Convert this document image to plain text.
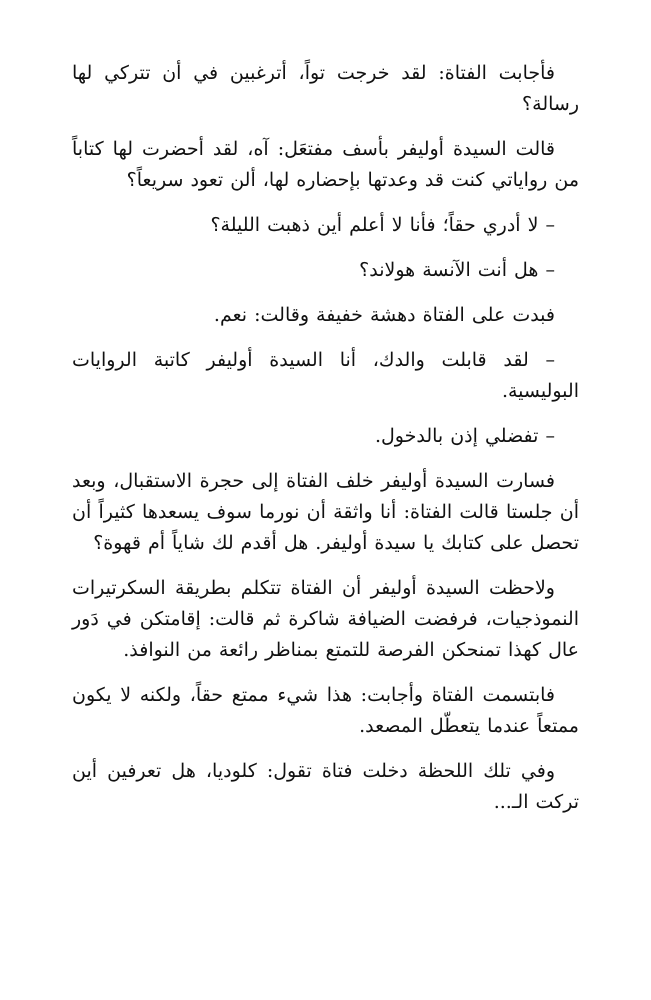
فأجابت الفتاة: لقد خرجت تواً، أترغبين في أن تتركي لها رسالة؟

قالت السيدة أوليفر بأسف مفتعَل: آه، لقد أحضرت لها كتاباً من رواياتي كنت قد وعدتها بإحضاره لها، ألن تعود سريعاً؟

– لا أدري حقاً؛ فأنا لا أعلم أين ذهبت الليلة؟

– هل أنت الآنسة هولاند؟

فبدت على الفتاة دهشة خفيفة وقالت: نعم.

– لقد قابلت والدك، أنا السيدة أوليفر كاتبة الروايات البوليسية.

– تفضلي إذن بالدخول.

فسارت السيدة أوليفر خلف الفتاة إلى حجرة الاستقبال، وبعد أن جلستا قالت الفتاة: أنا واثقة أن نورما سوف يسعدها كثيراً أن تحصل على كتابك يا سيدة أوليفر. هل أقدم لك شاياً أم قهوة؟

ولاحظت السيدة أوليفر أن الفتاة تتكلم بطريقة السكرتيرات النموذجيات، فرفضت الضيافة شاكرة ثم قالت: إقامتكن في دَور عال كهذا تمنحكن الفرصة للتمتع بمناظر رائعة من النوافذ.

فابتسمت الفتاة وأجابت: هذا شيء ممتع حقاً، ولكنه لا يكون ممتعاً عندما يتعطّل المصعد.

وفي تلك اللحظة دخلت فتاة تقول: كلوديا، هل تعرفين أين تركت الـ...
